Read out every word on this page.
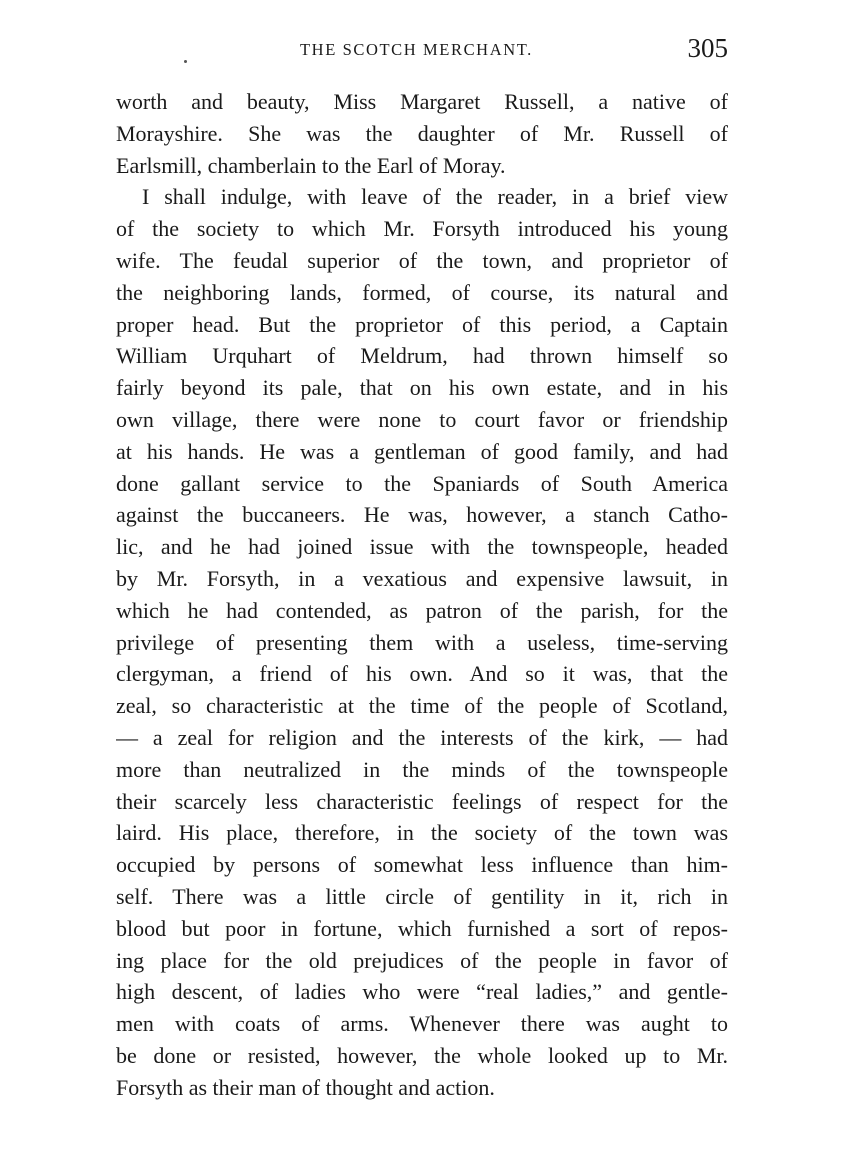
THE SCOTCH MERCHANT.	305
worth and beauty, Miss Margaret Russell, a native of
Morayshire. She was the daughter of Mr. Russell of
Earlsmill, chamberlain to the Earl of Moray.
I shall indulge, with leave of the reader, in a brief view
of the society to which Mr. Forsyth introduced his young
wife. The feudal superior of the town, and proprietor of
the neighboring lands, formed, of course, its natural and
proper head. But the proprietor of this period, a Captain
William Urquhart of Meldrum, had thrown himself so
fairly beyond its pale, that on his own estate, and in his
own village, there were none to court favor or friendship
at his hands. He was a gentleman of good family, and had
done gallant service to the Spaniards of South America
against the buccaneers. He was, however, a stanch Catho-
lic, and he had joined issue with the townspeople, headed
by Mr. Forsyth, in a vexatious and expensive lawsuit, in
which he had contended, as patron of the parish, for the
privilege of presenting them with a useless, time-serving
clergyman, a friend of his own. And so it was, that the
zeal, so characteristic at the time of the people of Scotland,
— a zeal for religion and the interests of the kirk, — had
more than neutralized in the minds of the townspeople
their scarcely less characteristic feelings of respect for the
laird. His place, therefore, in the society of the town was
occupied by persons of somewhat less influence than him-
self. There was a little circle of gentility in it, rich in
blood but poor in fortune, which furnished a sort of repos-
ing place for the old prejudices of the people in favor of
high descent, of ladies who were “real ladies,” and gentle-
men with coats of arms. Whenever there was aught to
be done or resisted, however, the whole looked up to Mr.
Forsyth as their man of thought and action.
